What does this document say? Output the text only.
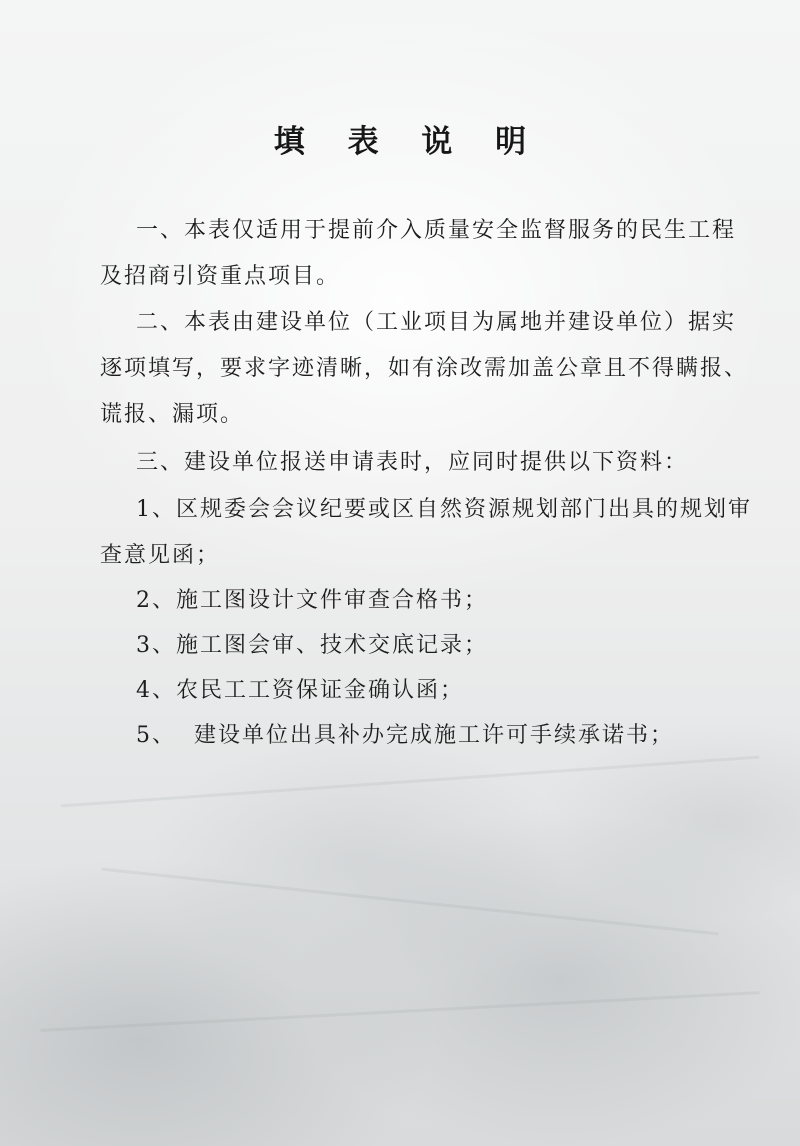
填 表 说 明
一、本表仅适用于提前介入质量安全监督服务的民生工程
及招商引资重点项目。
二、本表由建设单位（工业项目为属地并建设单位）据实
逐项填写，要求字迹清晰，如有涂改需加盖公章且不得瞒报、
谎报、漏项。
三、建设单位报送申请表时，应同时提供以下资料：
1、区规委会会议纪要或区自然资源规划部门出具的规划审
查意见函；
2、施工图设计文件审查合格书；
3、施工图会审、技术交底记录；
4、农民工工资保证金确认函；
5、  建设单位出具补办完成施工许可手续承诺书；
